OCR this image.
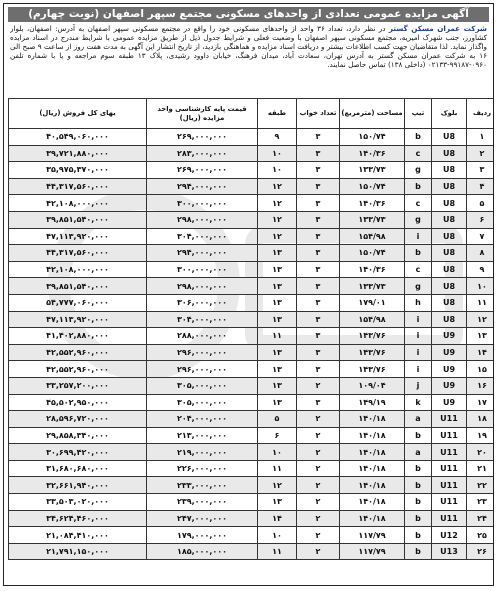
آگهی مزایده عمومی تعدادی از واحدهای مسکونی مجتمع سپهر اصفهان (نوبت چهارم)
شرکت عمران مسکن گستر در نظر دارد، تعداد ۳۶ واحد از واحدهای مسکونی خود را واقع در مجتمع مسکونی سپهر اصفهان به آدرس: اصفهان، بلوار کشاورز، جنب شهرک امیریه، مجتمع مسکونی سپهر اصفهان با وضعیت فعلی و شرایط جدول ذیل از طریق مزایده عمومی با شرایط مندرج در اسناد مزایده واگذار نماید. لذا متقاضیان جهت کسب اطلاعات بیشتر و دریافت اسناد مزایده و هماهنگی بازدید، از تاریخ انتشار این آگهی به مدت هفت روز از ساعت ۹ صبح الی ۱۶ به شرکت عمران مسکن گستر به آدرس تهران، سعادت آباد، میدان فرهنگ، خیابان داوود رشیدی، پلاک ۱۳ طبقه سوم مراجعه و یا با شماره تلفن ۰۹۶۰-۹۹۱۸۷-۰۲۱۳۳ (داخلی ۱۳۸) تماس حاصل نمایند.
ردیف	بلوک	تیپ	مساحت (مترمربع)	تعداد خواب	طبقه	قیمت پایه کارشناسی واحد مزایده (ریال)	بهای کل فروش (ریال)
۱	U8	b	۱۵۰/۷۴	۳	۹	۲۶۹,۰۰۰,۰۰۰	۴۰,۵۴۹,۰۶۰,۰۰۰
۲	U8	c	۱۴۰/۳۶	۳	۱۰	۲۸۳,۰۰۰,۰۰۰	۳۹,۷۲۱,۸۸۰,۰۰۰
۳	U8	g	۱۳۳/۷۳	۳	۱۰	۲۶۹,۰۰۰,۰۰۰	۳۵,۹۷۵,۳۷۰,۰۰۰
۴	U8	b	۱۵۰/۷۴	۳	۱۲	۲۹۴,۰۰۰,۰۰۰	۴۴,۳۱۷,۵۶۰,۰۰۰
۵	U8	c	۱۴۰/۳۶	۳	۱۲	۳۰۰,۰۰۰,۰۰۰	۴۲,۱۰۸,۰۰۰,۰۰۰
۶	U8	g	۱۳۳/۷۳	۳	۱۲	۲۹۸,۰۰۰,۰۰۰	۳۹,۸۵۱,۵۴۰,۰۰۰
۷	U8	i	۱۵۴/۹۸	۳	۱۲	۳۰۴,۰۰۰,۰۰۰	۴۷,۱۱۳,۹۲۰,۰۰۰
۸	U8	b	۱۵۰/۷۴	۳	۱۳	۲۹۴,۰۰۰,۰۰۰	۴۴,۳۱۷,۵۶۰,۰۰۰
۹	U8	c	۱۴۰/۳۶	۳	۱۳	۳۰۰,۰۰۰,۰۰۰	۴۲,۱۰۸,۰۰۰,۰۰۰
۱۰	U8	g	۱۳۳/۷۳	۳	۱۳	۲۹۸,۰۰۰,۰۰۰	۳۹,۸۵۱,۵۴۰,۰۰۰
۱۱	U8	h	۱۷۹/۰۱	۳	۱۳	۳۰۶,۰۰۰,۰۰۰	۵۴,۷۷۷,۰۶۰,۰۰۰
۱۲	U8	i	۱۵۴/۹۸	۳	۱۳	۳۰۴,۰۰۰,۰۰۰	۴۷,۱۱۳,۹۲۰,۰۰۰
۱۳	U9	i	۱۴۳/۷۶	۳	۱۱	۲۸۸,۰۰۰,۰۰۰	۴۱,۴۰۲,۸۸۰,۰۰۰
۱۴	U9	i	۱۴۳/۷۶	۳	۱۳	۲۹۶,۰۰۰,۰۰۰	۴۲,۵۵۲,۹۶۰,۰۰۰
۱۵	U9	i	۱۴۳/۷۶	۳	۱۳	۲۹۶,۰۰۰,۰۰۰	۴۲,۵۵۲,۹۶۰,۰۰۰
۱۶	U9	j	۱۰۹/۰۴	۲	۱۳	۳۰۵,۰۰۰,۰۰۰	۳۳,۲۵۷,۲۰۰,۰۰۰
۱۷	U9	k	۱۴۹/۱۹	۳	۱۳	۳۰۵,۰۰۰,۰۰۰	۴۵,۵۰۲,۹۵۰,۰۰۰
۱۸	U11	a	۱۴۰/۱۸	۲	۵	۲۰۴,۰۰۰,۰۰۰	۲۸,۵۹۶,۷۲۰,۰۰۰
۱۹	U11	b	۱۴۰/۱۸	۲	۶	۲۱۳,۰۰۰,۰۰۰	۲۹,۸۵۸,۳۴۰,۰۰۰
۲۰	U11	a	۱۴۰/۱۸	۲	۱۰	۲۱۹,۰۰۰,۰۰۰	۳۰,۶۹۹,۴۲۰,۰۰۰
۲۱	U11	b	۱۴۰/۱۸	۲	۱۱	۲۲۶,۰۰۰,۰۰۰	۳۱,۶۸۰,۶۸۰,۰۰۰
۲۲	U11	b	۱۴۰/۱۸	۲	۱۲	۲۳۳,۰۰۰,۰۰۰	۳۲,۶۶۱,۹۴۰,۰۰۰
۲۳	U11	b	۱۴۰/۱۸	۲	۱۳	۲۳۹,۰۰۰,۰۰۰	۳۳,۵۰۳,۰۲۰,۰۰۰
۲۴	U11	b	۱۴۰/۱۸	۲	۱۴	۲۴۷,۰۰۰,۰۰۰	۳۴,۶۲۴,۴۶۰,۰۰۰
۲۵	U12	b	۱۱۷/۷۹	۲	۱۰	۱۷۹,۰۰۰,۰۰۰	۲۱,۰۸۴,۴۱۰,۰۰۰
۲۶	U13	b	۱۱۷/۷۹	۲	۱۱	۱۸۵,۰۰۰,۰۰۰	۲۱,۷۹۱,۱۵۰,۰۰۰
